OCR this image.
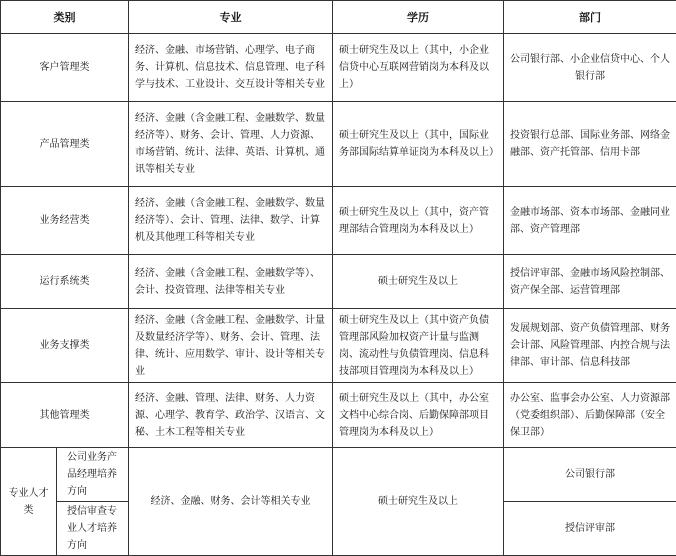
类别		专业	学历	部门
客户管理类		经济、金融、市场营销、心理学、电子商务、计算机、信息技术、信息管理、电子科学与技术、工业设计、交互设计等相关专业	硕士研究生及以上（其中，小企业信贷中心互联网营销岗为本科及以上）	公司银行部、小企业信贷中心、个人银行部
产品管理类		经济、金融（含金融工程、金融数学、数量经济等）、财务、会计、管理、人力资源、市场营销、统计、法律、英语、计算机、通讯等相关专业	硕士研究生及以上（其中，国际业务部国际结算单证岗为本科及以上）	投资银行总部、国际业务部、网络金融部、资产托管部、信用卡部
业务经营类		经济、金融（含金融工程、金融数学、数量经济等）、会计、管理、法律、数学、计算机及其他理工科等相关专业	硕士研究生及以上（其中，资产管理部结合管理岗为本科及以上）	金融市场部、资本市场部、金融同业部、资产管理部
运行系统类		经济、金融（含金融工程、金融数学等）、会计、投资管理、法律等相关专业	硕士研究生及以上	授信评审部、金融市场风险控制部、资产保全部、运营管理部
业务支撑类		经济、金融（含金融工程、金融数学、计量及数量经济学等）、财务、会计、管理、法律、统计、应用数学、审计、设计等相关专业	硕士研究生及以上（其中资产负债管理部风险加权资产计量与监测岗、流动性与负债管理岗、信息科技部项目管理岗为本科及以上）	发展规划部、资产负债管理部、财务会计部、风险管理部、内控合规与法律部、审计部、信息科技部
其他管理类		经济、金融、管理、法律、财务、人力资源、心理学、教育学、政治学、汉语言、文秘、土木工程等相关专业	硕士研究生及以上（其中，办公室文档中心综合岗、后勤保障部项目管理岗为本科及以上）	办公室、监事会办公室、人力资源部（党委组织部）、后勤保障部（安全保卫部）
专业人才类	公司业务产品经理培养方向	经济、金融、财务、会计等相关专业	硕士研究生及以上	公司银行部
	授信审查专业人才培养方向			授信评审部
